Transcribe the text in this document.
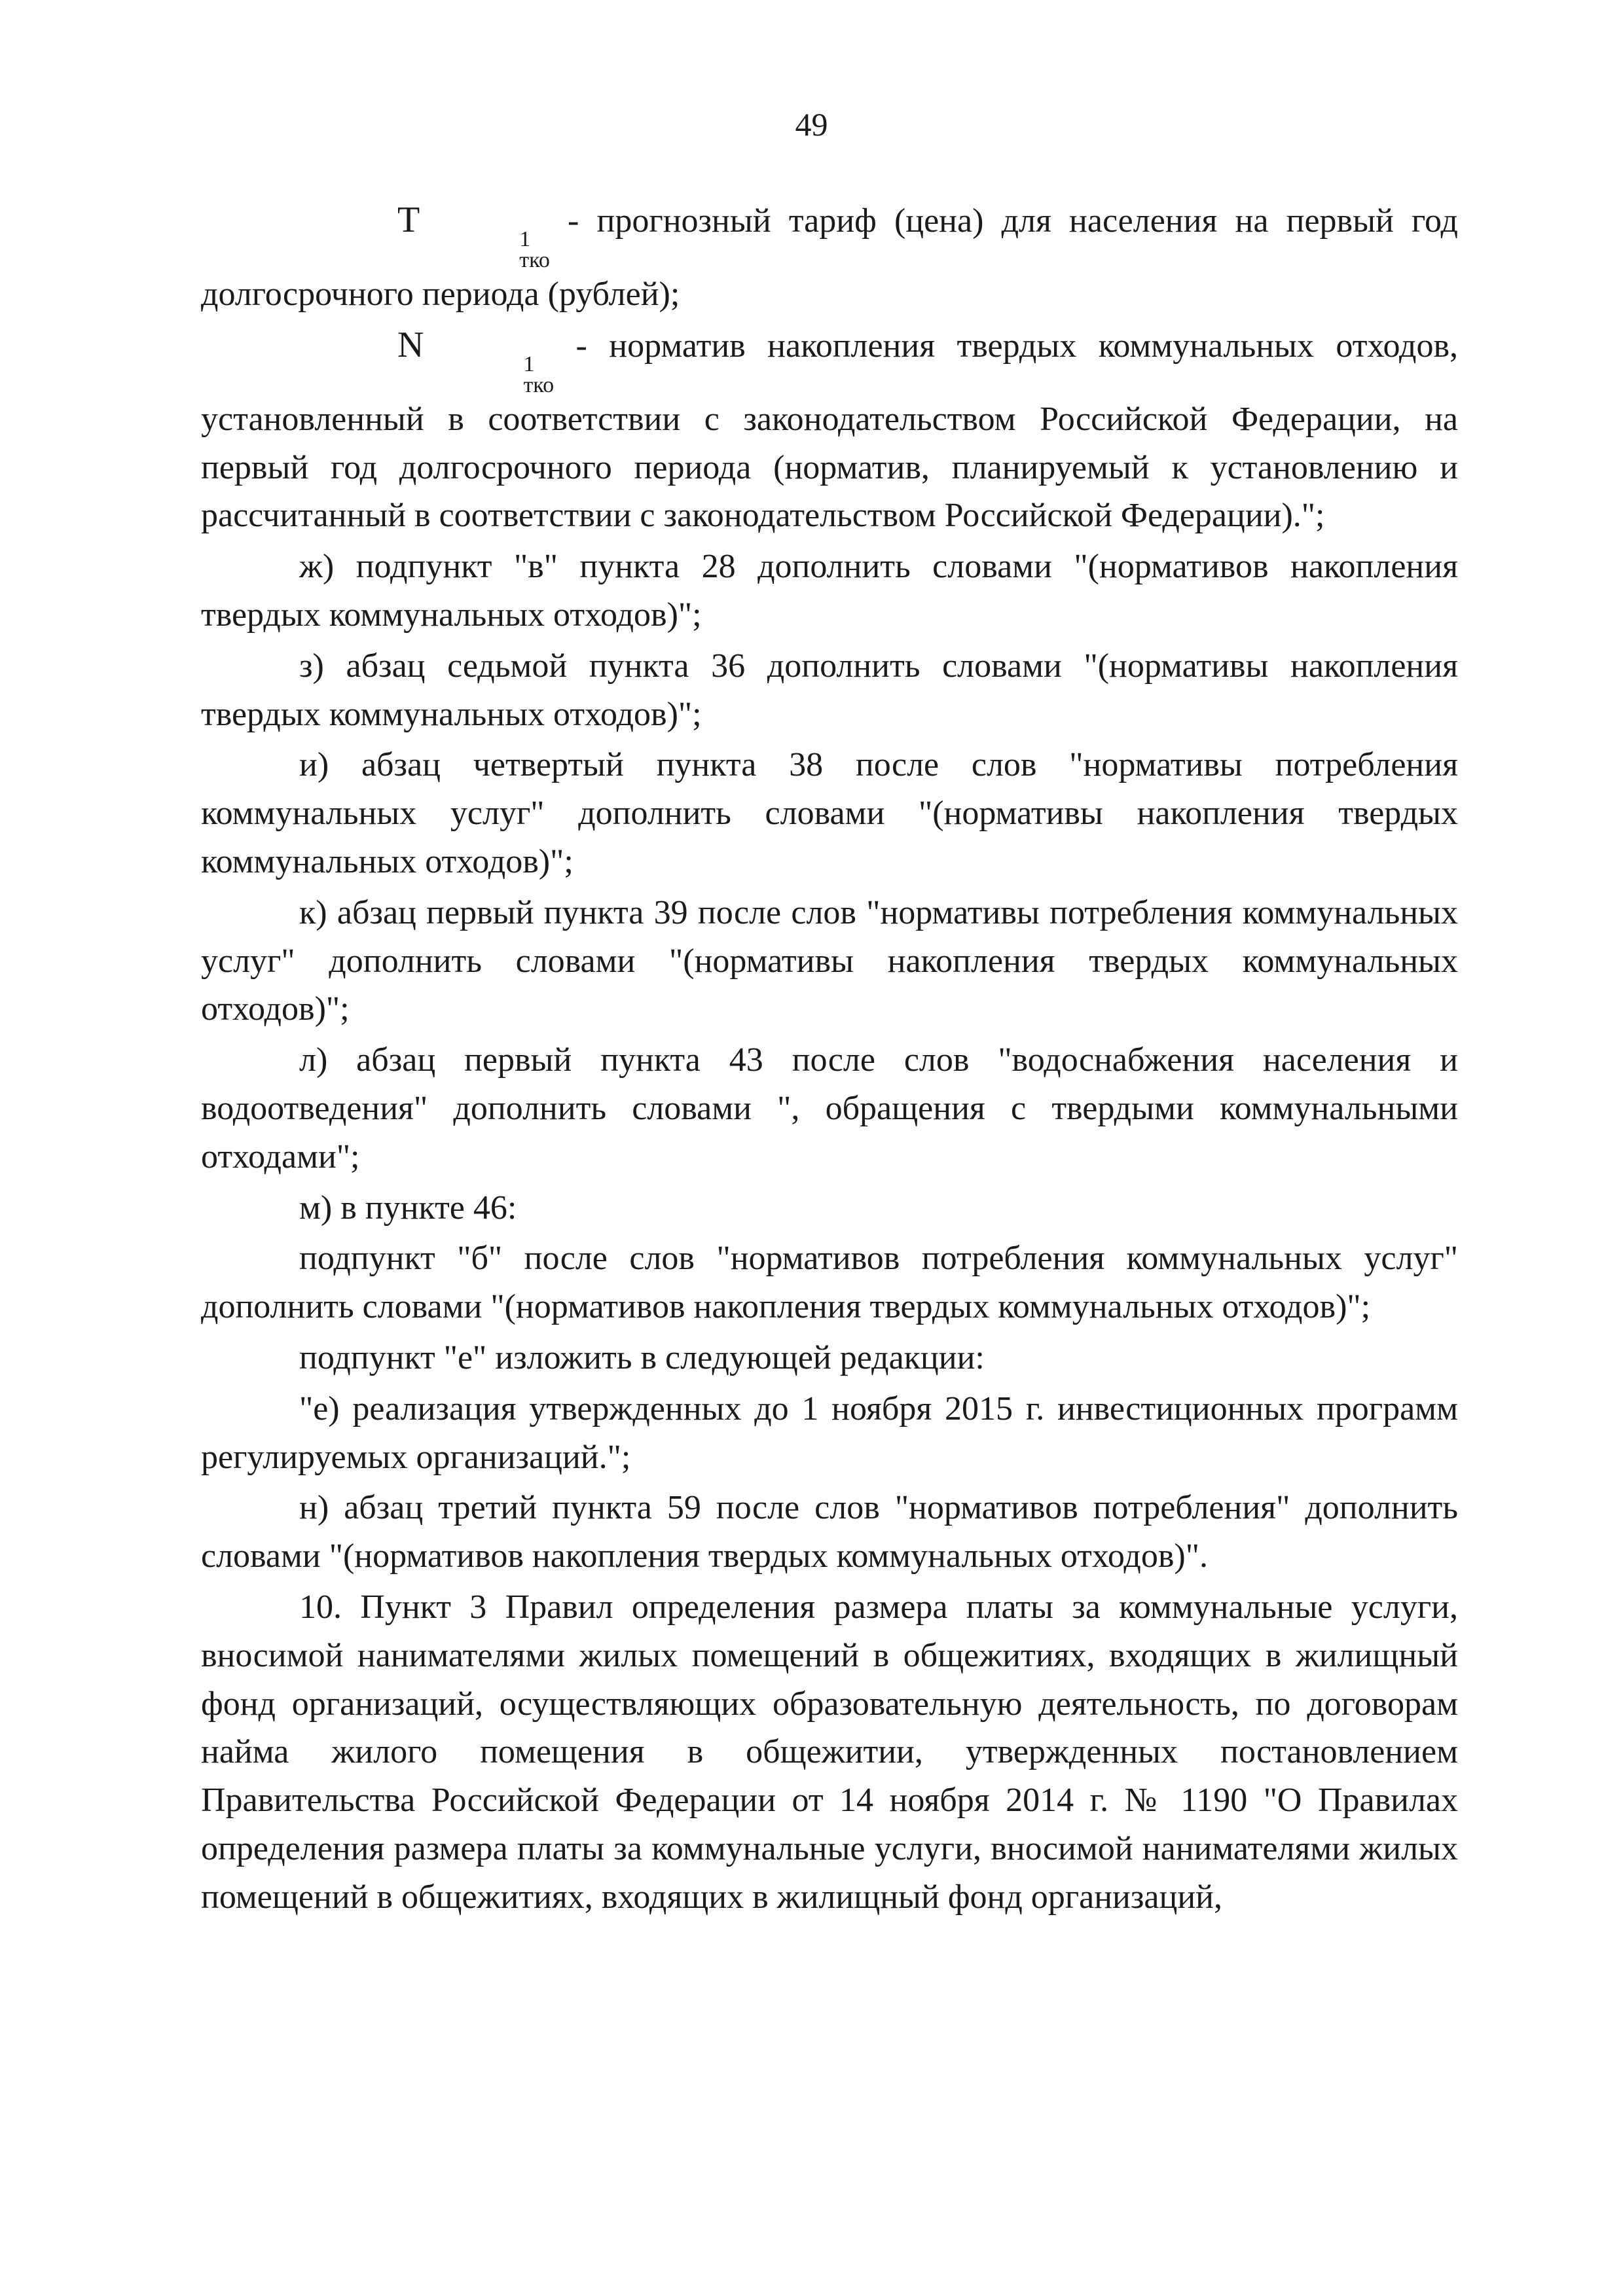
49

T	1
тко
- прогнозный тариф (цена) для населения на первый год долгосрочного периода (рублей);

N	1
тко
- норматив накопления твердых коммунальных отходов, установленный в соответствии с законодательством Российской Федерации, на первый год долгосрочного периода (норматив, планируемый к установлению и рассчитанный в соответствии с законодательством Российской Федерации).";

ж) подпункт "в" пункта 28 дополнить словами "(нормативов накопления твердых коммунальных отходов)";

з) абзац седьмой пункта 36 дополнить словами "(нормативы накопления твердых коммунальных отходов)";

и) абзац четвертый пункта 38 после слов "нормативы потребления коммунальных услуг" дополнить словами "(нормативы накопления твердых коммунальных отходов)";

к) абзац первый пункта 39 после слов "нормативы потребления коммунальных услуг" дополнить словами "(нормативы накопления твердых коммунальных отходов)";

л) абзац первый пункта 43 после слов "водоснабжения населения и водоотведения" дополнить словами ", обращения с твердыми коммунальными отходами";

м) в пункте 46:

подпункт "б" после слов "нормативов потребления коммунальных услуг" дополнить словами "(нормативов накопления твердых коммунальных отходов)";

подпункт "е" изложить в следующей редакции:

"е) реализация утвержденных до 1 ноября 2015 г. инвестиционных программ регулируемых организаций.";

н) абзац третий пункта 59 после слов "нормативов потребления" дополнить словами "(нормативов накопления твердых коммунальных отходов)".

10. Пункт 3 Правил определения размера платы за коммунальные услуги, вносимой нанимателями жилых помещений в общежитиях, входящих в жилищный фонд организаций, осуществляющих образовательную деятельность, по договорам найма жилого помещения в общежитии, утвержденных постановлением Правительства Российской Федерации от 14 ноября 2014 г. № 1190 "О Правилах определения размера платы за коммунальные услуги, вносимой нанимателями жилых помещений в общежитиях, входящих в жилищный фонд организаций,
